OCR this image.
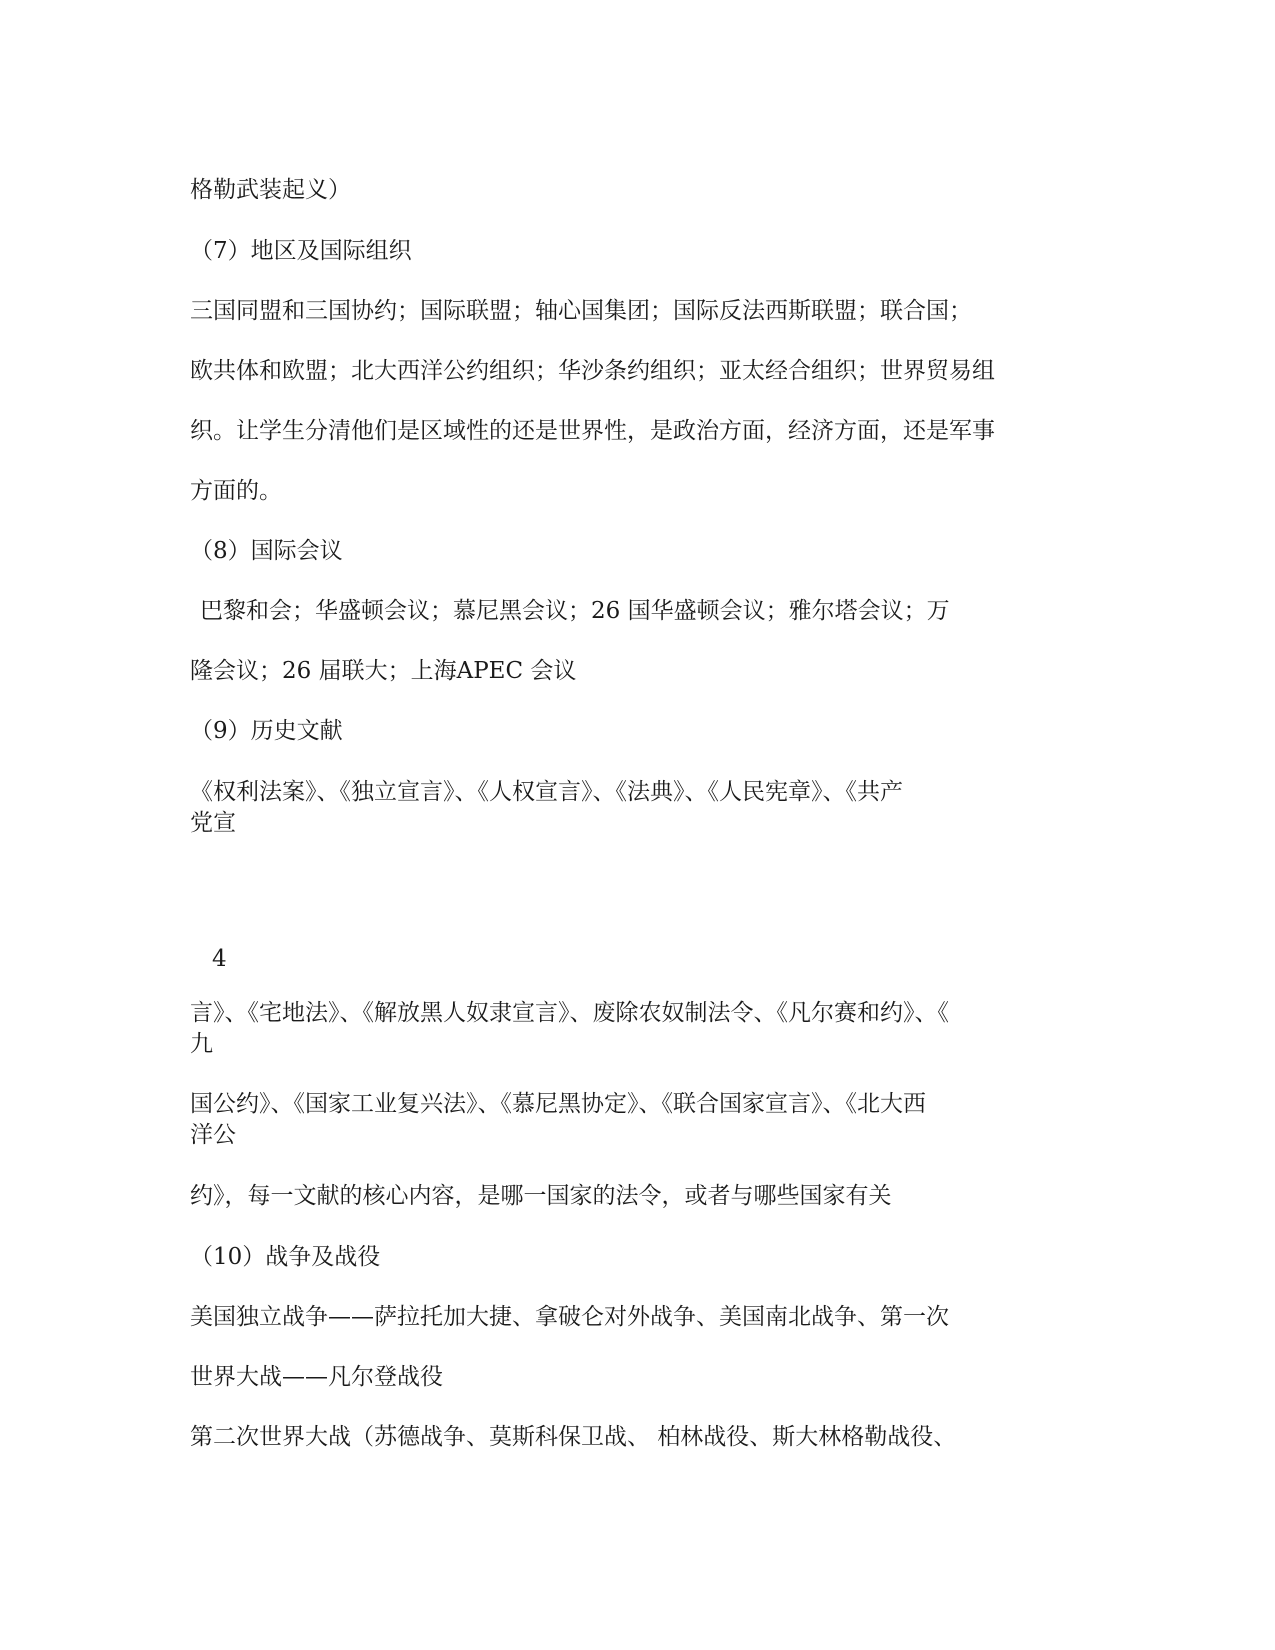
格勒武装起义）

（7）地区及国际组织

三国同盟和三国协约；国际联盟；轴心国集团；国际反法西斯联盟；联合国；

欧共体和欧盟；北大西洋公约组织；华沙条约组织；亚太经合组织；世界贸易组

织。让学生分清他们是区域性的还是世界性，是政治方面，经济方面，还是军事

方面的。

（8）国际会议

巴黎和会；华盛顿会议；慕尼黑会议；26 国华盛顿会议；雅尔塔会议；万

隆会议；26 届联大；上海APEC 会议

（9）历史文献

《权利法案》、《独立宣言》、《人权宣言》、《法典》、《人民宪章》、《共产

党宣

4

言》、《宅地法》、《解放黑人奴隶宣言》、废除农奴制法令、《凡尔赛和约》、《

九

国公约》、《国家工业复兴法》、《慕尼黑协定》、《联合国家宣言》、《北大西

洋公

约》，每一文献的核心内容，是哪一国家的法令，或者与哪些国家有关

（10）战争及战役

美国独立战争——萨拉托加大捷、拿破仑对外战争、美国南北战争、第一次

世界大战——凡尔登战役

第二次世界大战（苏德战争、莫斯科保卫战、 柏林战役、斯大林格勒战役、
